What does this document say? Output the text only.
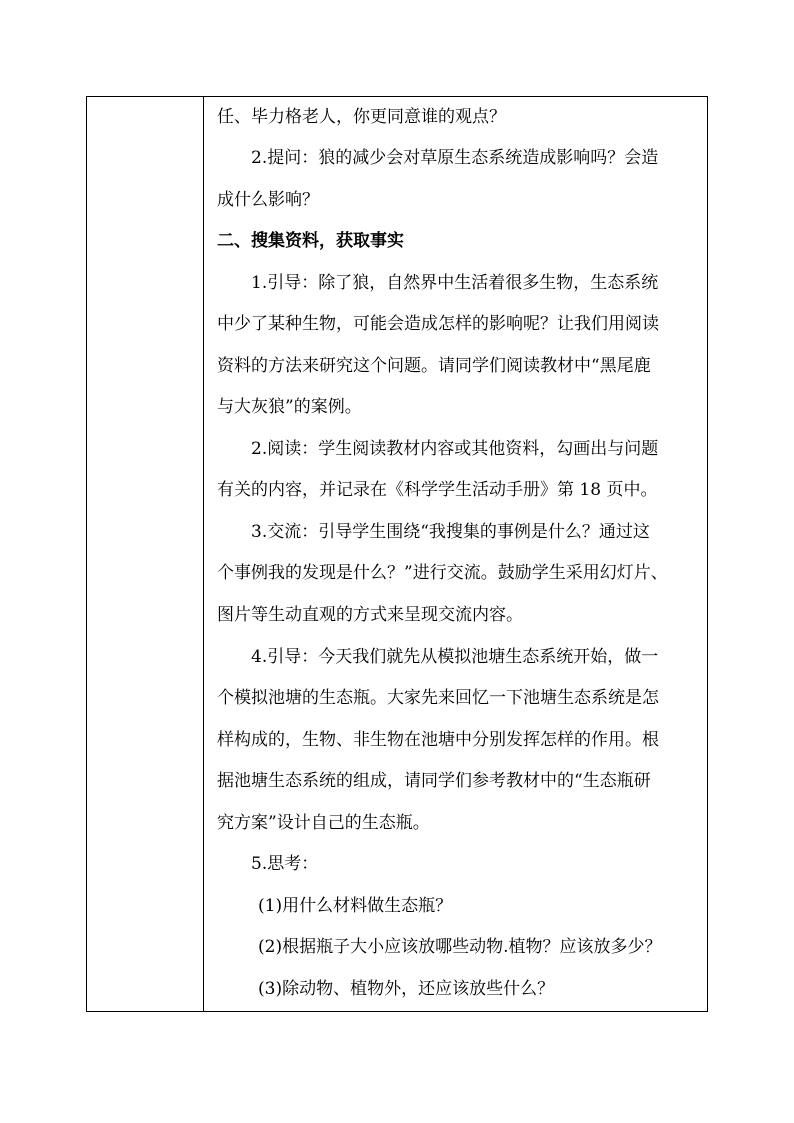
任、毕力格老人，你更同意谁的观点？
2.提问：狼的减少会对草原生态系统造成影响吗？会造
成什么影响？
二、搜集资料，获取事实
1.引导：除了狼，自然界中生活着很多生物，生态系统
中少了某种生物，可能会造成怎样的影响呢？让我们用阅读
资料的方法来研究这个问题。请同学们阅读教材中“黑尾鹿
与大灰狼”的案例。
2.阅读：学生阅读教材内容或其他资料，勾画出与问题
有关的内容，并记录在《科学学生活动手册》第 18 页中。
3.交流：引导学生围绕“我搜集的事例是什么？通过这
个事例我的发现是什么？”进行交流。鼓励学生采用幻灯片、
图片等生动直观的方式来呈现交流内容。
4.引导：今天我们就先从模拟池塘生态系统开始，做一
个模拟池塘的生态瓶。大家先来回忆一下池塘生态系统是怎
样构成的，生物、非生物在池塘中分别发挥怎样的作用。根
据池塘生态系统的组成，请同学们参考教材中的“生态瓶研
究方案”设计自己的生态瓶。
5.思考：
(1)用什么材料做生态瓶？
(2)根据瓶子大小应该放哪些动物.植物？应该放多少？
(3)除动物、植物外，还应该放些什么？
